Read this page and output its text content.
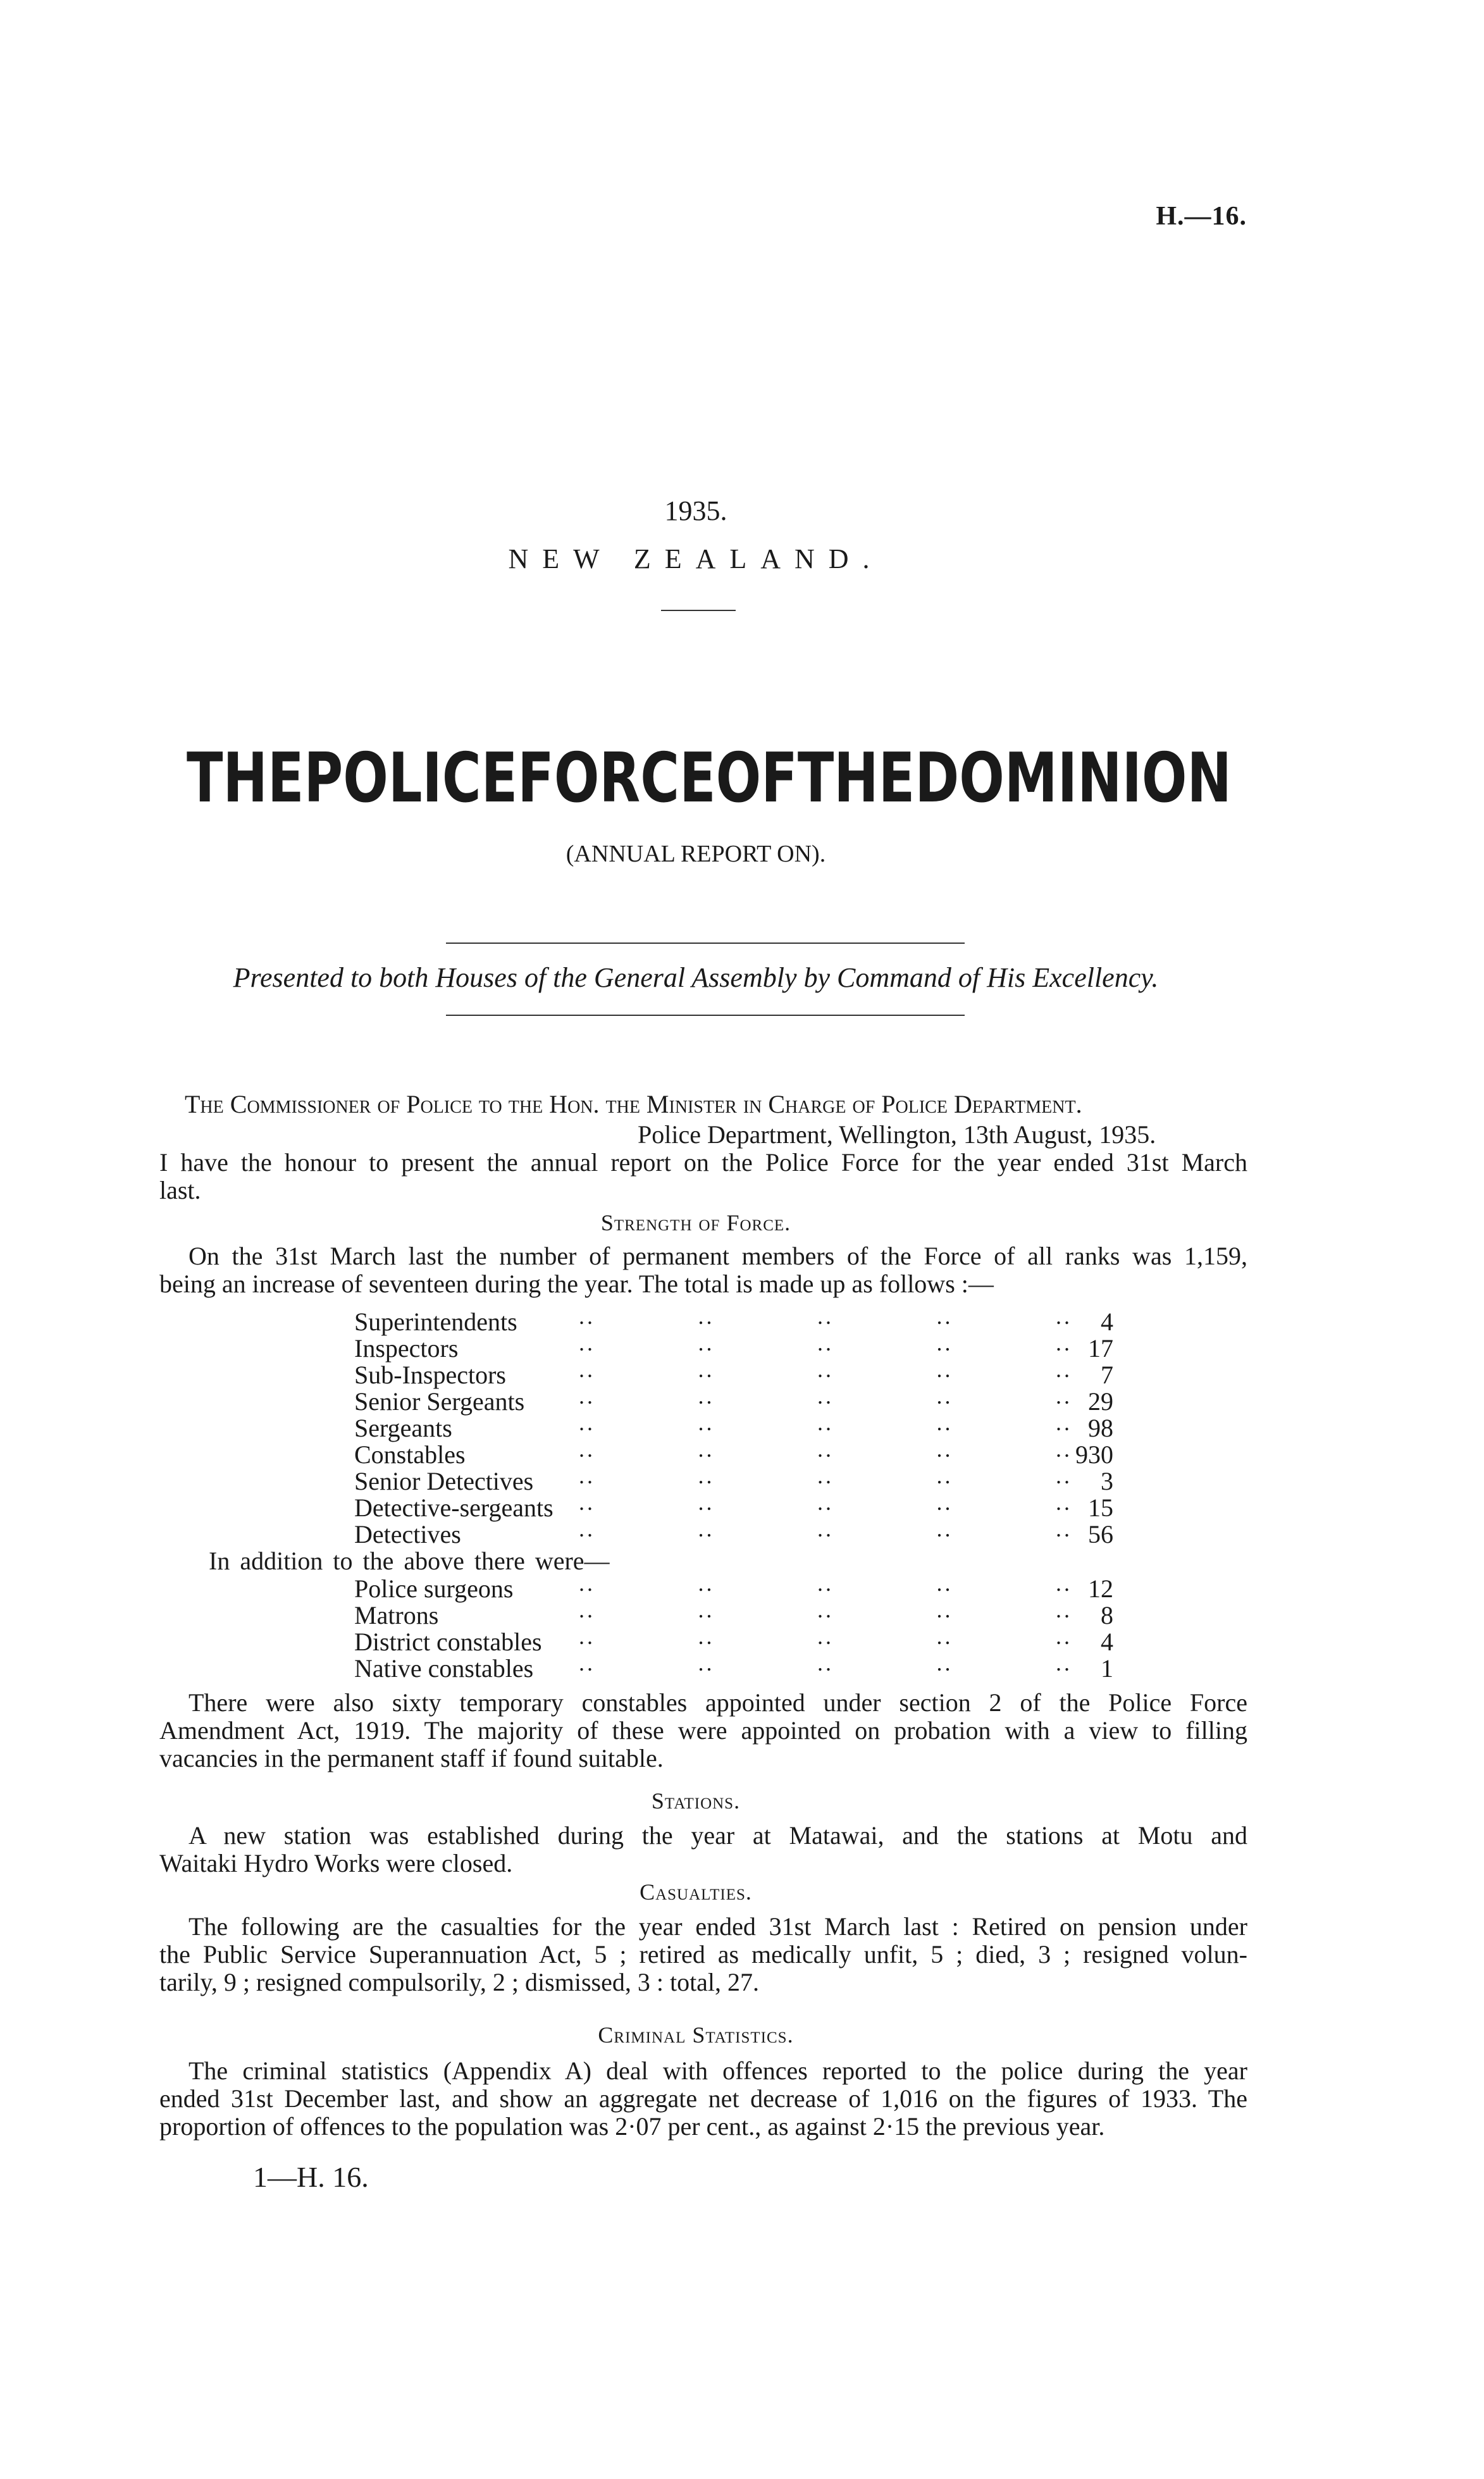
H.—16.
1935.
NEW ZEALAND.
THE POLICE FORCE OF THE DOMINION
(ANNUAL REPORT ON).
Presented to both Houses of the General Assembly by Command of His Excellency.
The Commissioner of Police to the Hon. the Minister in Charge of Police Department.
Police Department, Wellington, 13th August, 1935.
I have the honour to present the annual report on the Police Force for the year ended 31st March
last.
Strength of Force.
On the 31st March last the number of permanent members of the Force of all ranks was 1,159,
being an increase of seventeen during the year. The total is made up as follows :—
Superintendents	..	..	..	..	..	4
Inspectors	..	..	..	..	.. 17
Sub-Inspectors	..	..	..	..	..	7
Senior Sergeants ..	..	..	..	.. 29
Sergeants	..	..	..	..	.. 98
Constables	..	..	..	..	.. 930
Senior Detectives ..	..	..	..	..	3
Detective-sergeants ..	..	..	..	.. 15
Detectives	..	..	..	..	.. 56
In addition to the above there were—
Police surgeons	..	..	..	..	.. 12
Matrons	..	..	..	..	..	8
District constables ..	..	..	..	..	4
Native constables ..	..	..	..	..	1
There were also sixty temporary constables appointed under section 2 of the Police Force
Amendment Act, 1919. The majority of these were appointed on probation with a view to filling
vacancies in the permanent staff if found suitable.
Stations.
A new station was established during the year at Matawai, and the stations at Motu and
Waitaki Hydro Works were closed.
Casualties.
The following are the casualties for the year ended 31st March last : Retired on pension under
the Public Service Superannuation Act, 5 ; retired as medically unfit, 5 ; died, 3 ; resigned volun-
tarily, 9 ; resigned compulsorily, 2 ; dismissed, 3 : total, 27.
Criminal Statistics.
The criminal statistics (Appendix A) deal with offences reported to the police during the year
ended 31st December last, and show an aggregate net decrease of 1,016 on the figures of 1933. The
proportion of offences to the population was 2·07 per cent., as against 2·15 the previous year.
1—H. 16.
